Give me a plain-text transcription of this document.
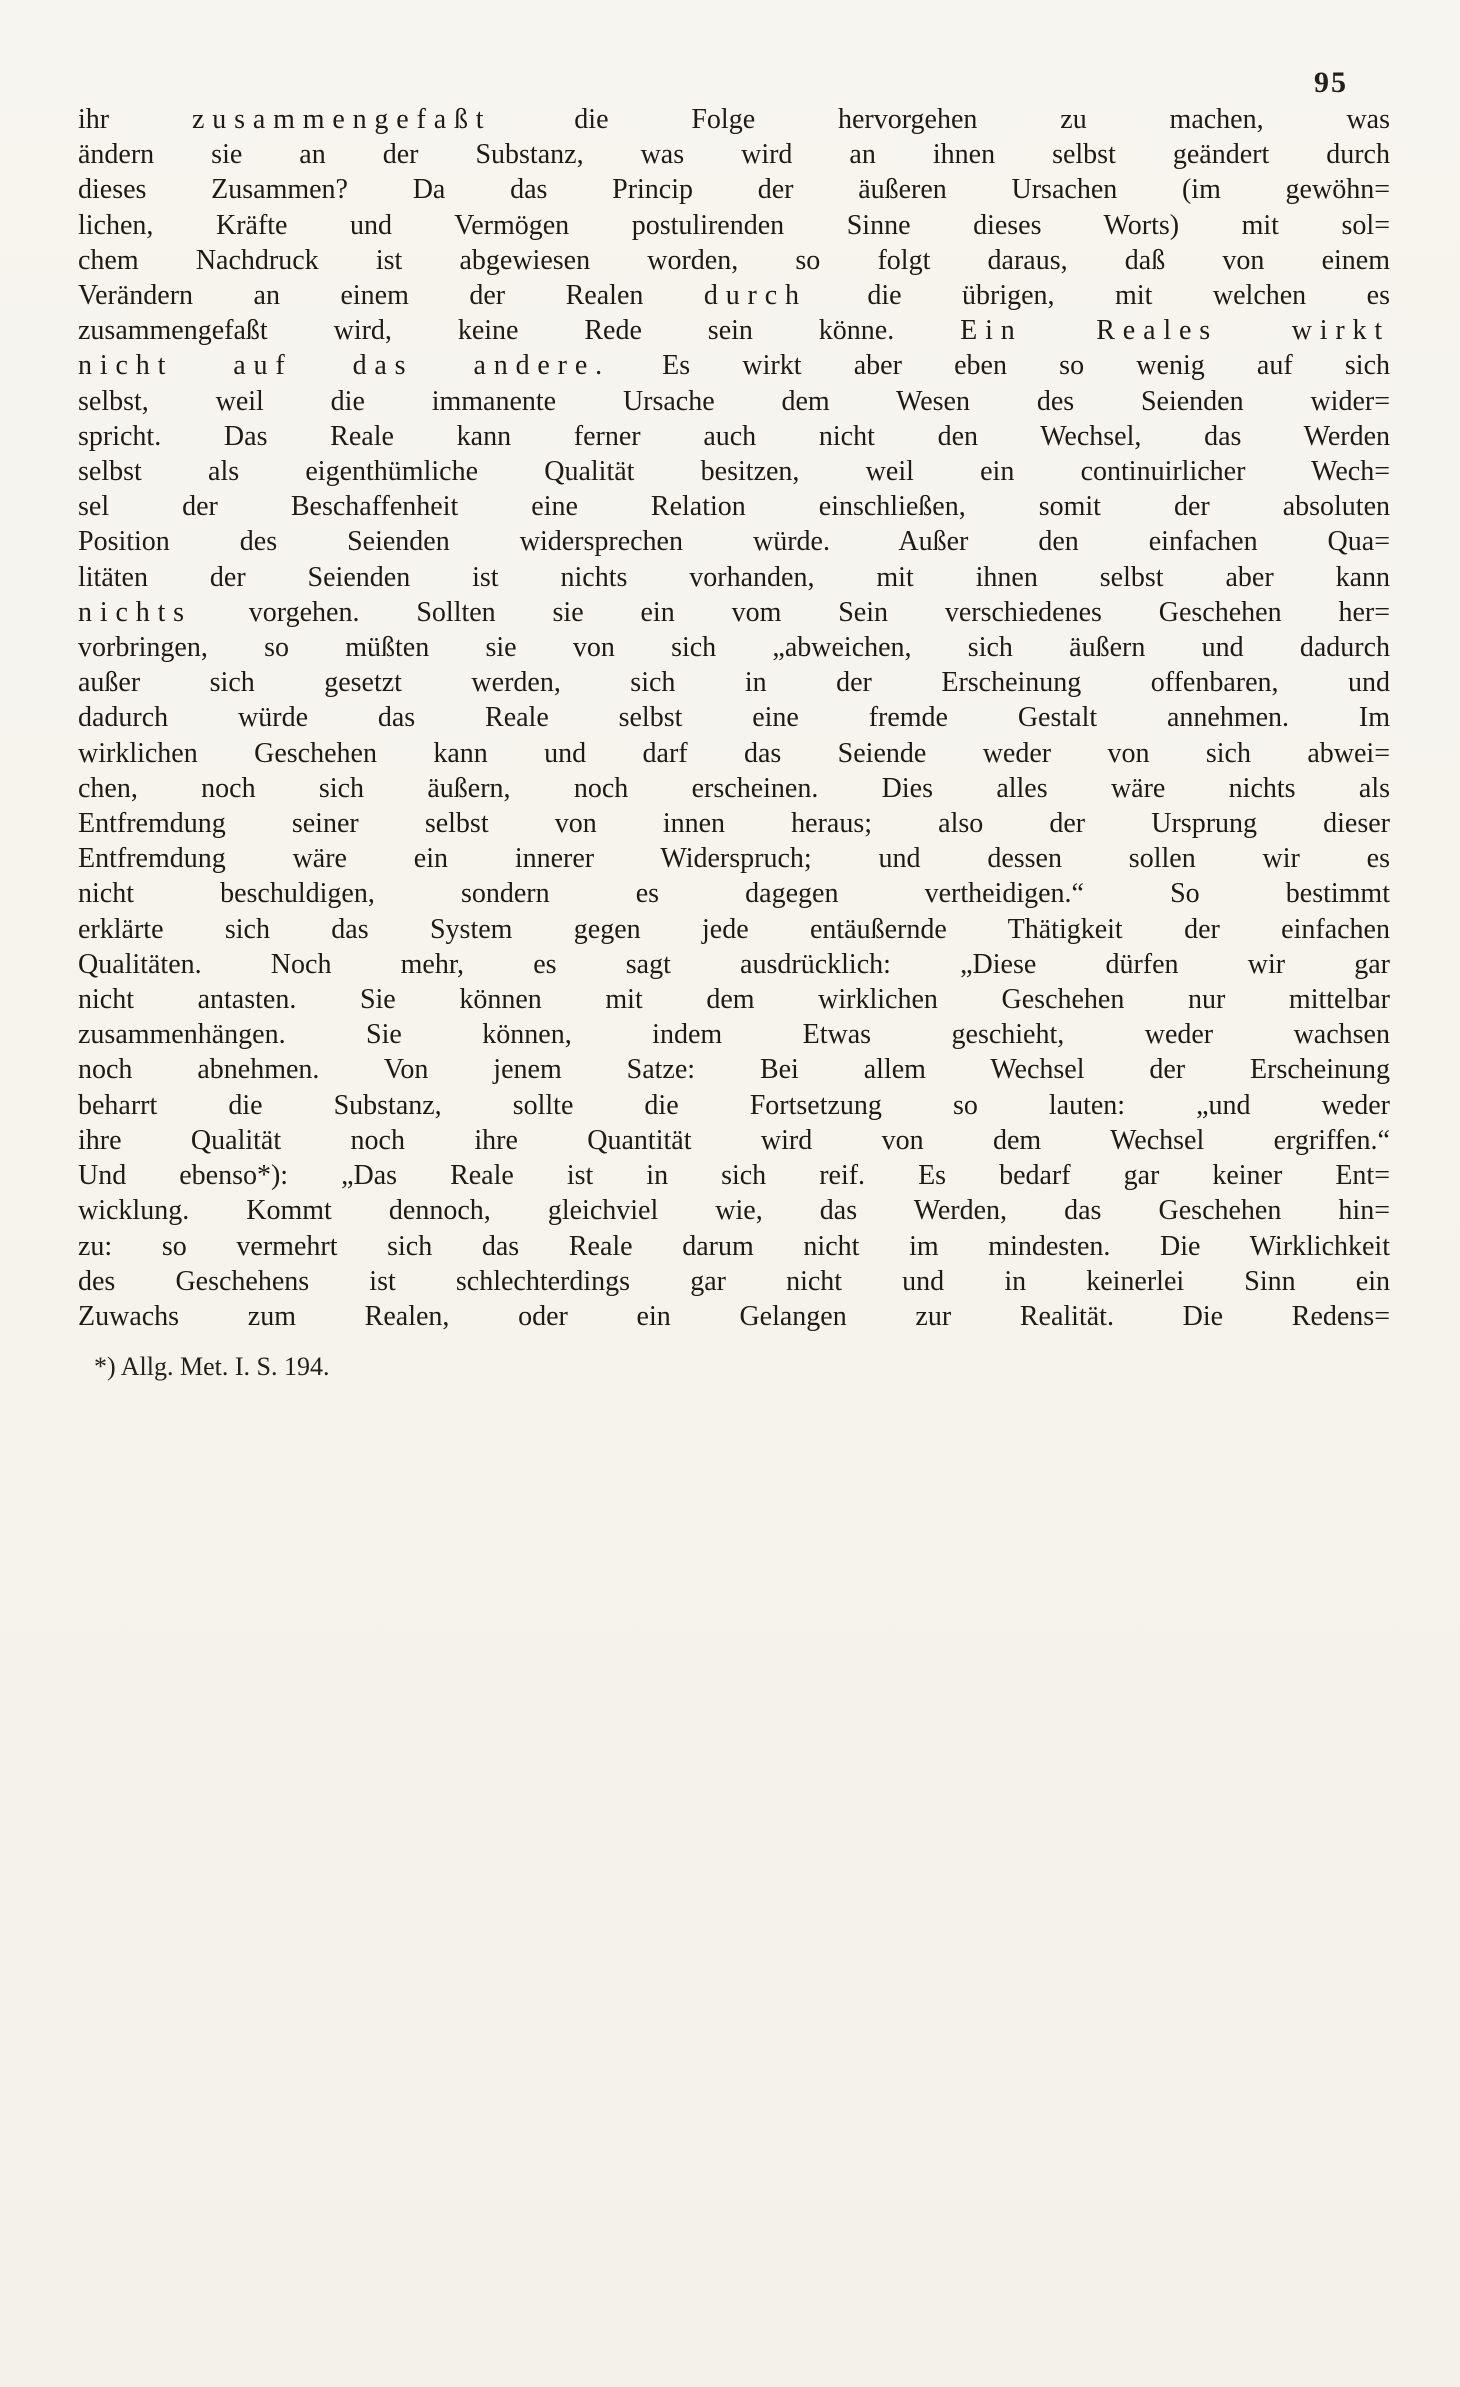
95
ihr zusammengefaßt die Folge hervorgehen zu machen, was
ändern sie an der Substanz, was wird an ihnen selbst geändert durch
dieses Zusammen? Da das Princip der äußeren Ursachen (im gewöhn=
lichen, Kräfte und Vermögen postulirenden Sinne dieses Worts) mit sol=
chem Nachdruck ist abgewiesen worden, so folgt daraus, daß von einem
Verändern an einem der Realen durch die übrigen, mit welchen es
zusammengefaßt wird, keine Rede sein könne. Ein Reales wirkt
nicht auf das andere. Es wirkt aber eben so wenig auf sich
selbst, weil die immanente Ursache dem Wesen des Seienden wider=
spricht. Das Reale kann ferner auch nicht den Wechsel, das Werden
selbst als eigenthümliche Qualität besitzen, weil ein continuirlicher Wech=
sel der Beschaffenheit eine Relation einschließen, somit der absoluten
Position des Seienden widersprechen würde. Außer den einfachen Qua=
litäten der Seienden ist nichts vorhanden, mit ihnen selbst aber kann
nichts vorgehen. Sollten sie ein vom Sein verschiedenes Geschehen her=
vorbringen, so müßten sie von sich „abweichen, sich äußern und dadurch
außer sich gesetzt werden, sich in der Erscheinung offenbaren, und
dadurch würde das Reale selbst eine fremde Gestalt annehmen. Im
wirklichen Geschehen kann und darf das Seiende weder von sich abwei=
chen, noch sich äußern, noch erscheinen. Dies alles wäre nichts als
Entfremdung seiner selbst von innen heraus; also der Ursprung dieser
Entfremdung wäre ein innerer Widerspruch; und dessen sollen wir es
nicht beschuldigen, sondern es dagegen vertheidigen.“ So bestimmt
erklärte sich das System gegen jede entäußernde Thätigkeit der einfachen
Qualitäten. Noch mehr, es sagt ausdrücklich: „Diese dürfen wir gar
nicht antasten. Sie können mit dem wirklichen Geschehen nur mittelbar
zusammenhängen. Sie können, indem Etwas geschieht, weder wachsen
noch abnehmen. Von jenem Satze: Bei allem Wechsel der Erscheinung
beharrt die Substanz, sollte die Fortsetzung so lauten: „und weder
ihre Qualität noch ihre Quantität wird von dem Wechsel ergriffen.“
Und ebenso*): „Das Reale ist in sich reif. Es bedarf gar keiner Ent=
wicklung. Kommt dennoch, gleichviel wie, das Werden, das Geschehen hin=
zu: so vermehrt sich das Reale darum nicht im mindesten. Die Wirklichkeit
des Geschehens ist schlechterdings gar nicht und in keinerlei Sinn ein
Zuwachs zum Realen, oder ein Gelangen zur Realität. Die Redens=
*) Allg. Met. I. S. 194.
